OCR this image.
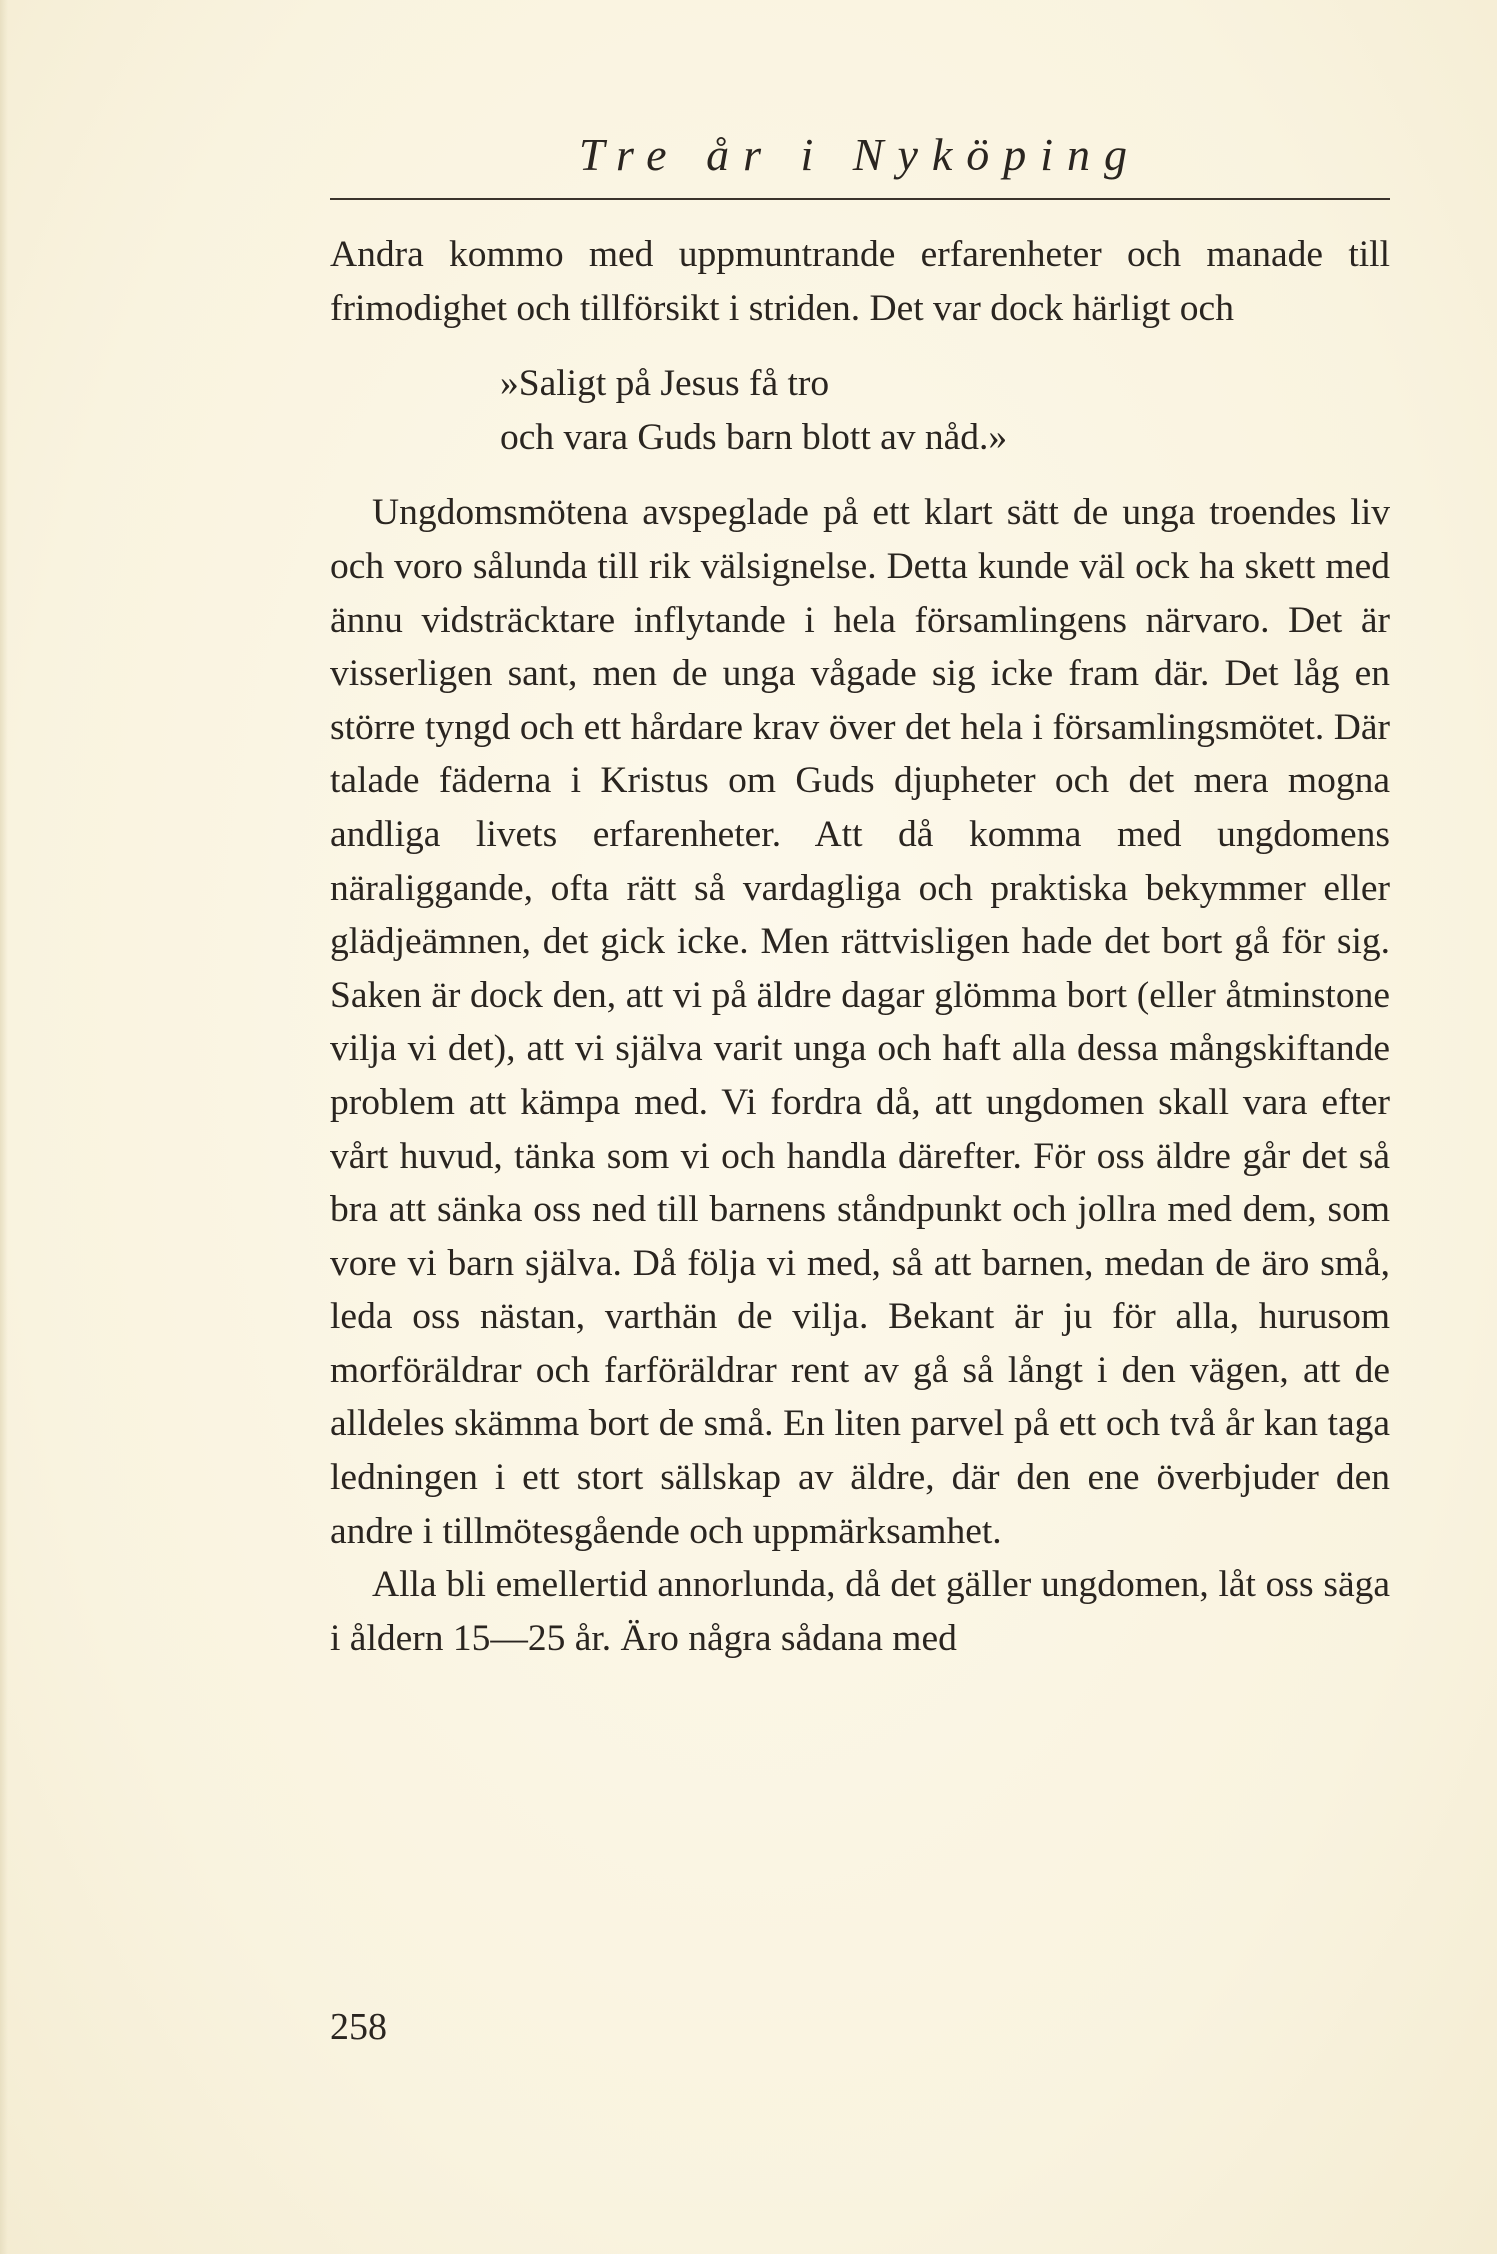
Tre år i Nyköping

Andra kommo med uppmuntrande erfarenheter och manade till frimodighet och tillförsikt i striden. Det var dock härligt och

»Saligt på Jesus få tro
och vara Guds barn blott av nåd.»

Ungdomsmötena avspeglade på ett klart sätt de unga troendes liv och voro sålunda till rik välsignelse. Detta kunde väl ock ha skett med ännu vidsträcktare inflytande i hela församlingens närvaro. Det är visserligen sant, men de unga vågade sig icke fram där. Det låg en större tyngd och ett hårdare krav över det hela i församlingsmötet. Där talade fäderna i Kristus om Guds djupheter och det mera mogna andliga livets erfarenheter. Att då komma med ungdomens näraliggande, ofta rätt så vardagliga och praktiska bekymmer eller glädjeämnen, det gick icke. Men rättvisligen hade det bort gå för sig. Saken är dock den, att vi på äldre dagar glömma bort (eller åtminstone vilja vi det), att vi själva varit unga och haft alla dessa mångskiftande problem att kämpa med. Vi fordra då, att ungdomen skall vara efter vårt huvud, tänka som vi och handla därefter. För oss äldre går det så bra att sänka oss ned till barnens ståndpunkt och jollra med dem, som vore vi barn själva. Då följa vi med, så att barnen, medan de äro små, leda oss nästan, varthän de vilja. Bekant är ju för alla, hurusom morföräldrar och farföräldrar rent av gå så långt i den vägen, att de alldeles skämma bort de små. En liten parvel på ett och två år kan taga ledningen i ett stort sällskap av äldre, där den ene överbjuder den andre i tillmötesgående och uppmärksamhet.

Alla bli emellertid annorlunda, då det gäller ungdomen, låt oss säga i åldern 15—25 år. Äro några sådana med

258
